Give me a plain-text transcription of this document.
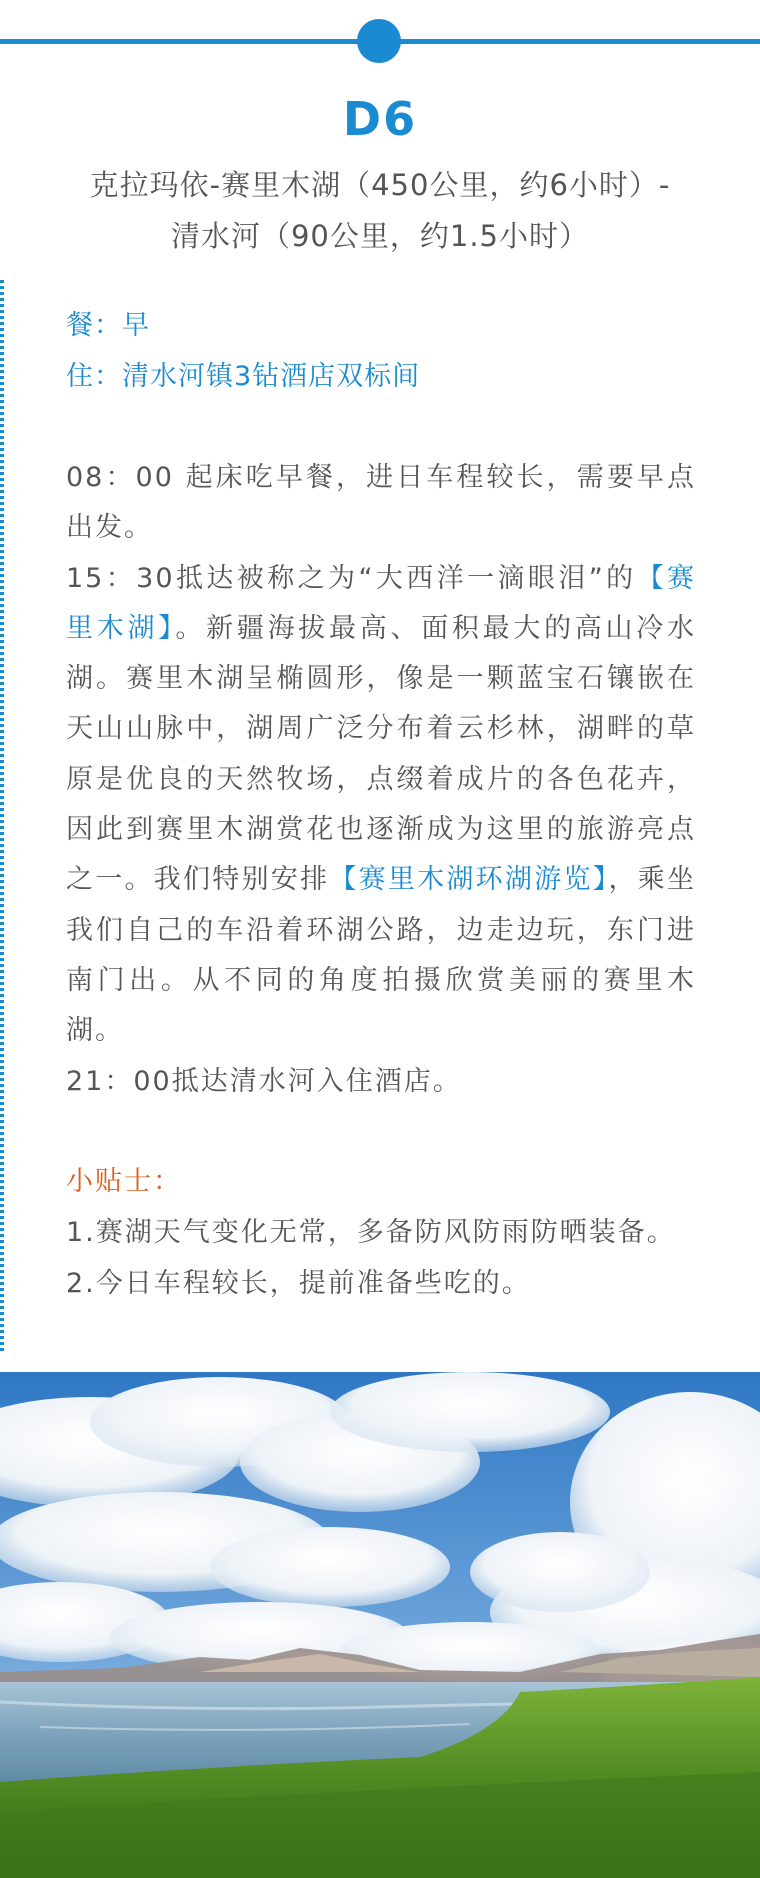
D6
克拉玛依-赛里木湖（450公里，约6小时）-
清水河（90公里，约1.5小时）
餐：早
住：清水河镇3钻酒店双标间

08：00 起床吃早餐，进日车程较长，需要早点出发。

15：30抵达被称之为“大西洋一滴眼泪”的【赛里木湖】。新疆海拔最高、面积最大的高山冷水湖。赛里木湖呈椭圆形，像是一颗蓝宝石镶嵌在天山山脉中，湖周广泛分布着云杉林，湖畔的草原是优良的天然牧场，点缀着成片的各色花卉，因此到赛里木湖赏花也逐渐成为这里的旅游亮点之一。我们特别安排【赛里木湖环湖游览】，乘坐我们自己的车沿着环湖公路，边走边玩，东门进南门出。从不同的角度拍摄欣赏美丽的赛里木湖。

21：00抵达清水河入住酒店。

小贴士：

1.赛湖天气变化无常，多备防风防雨防晒装备。

2.今日车程较长，提前准备些吃的。
